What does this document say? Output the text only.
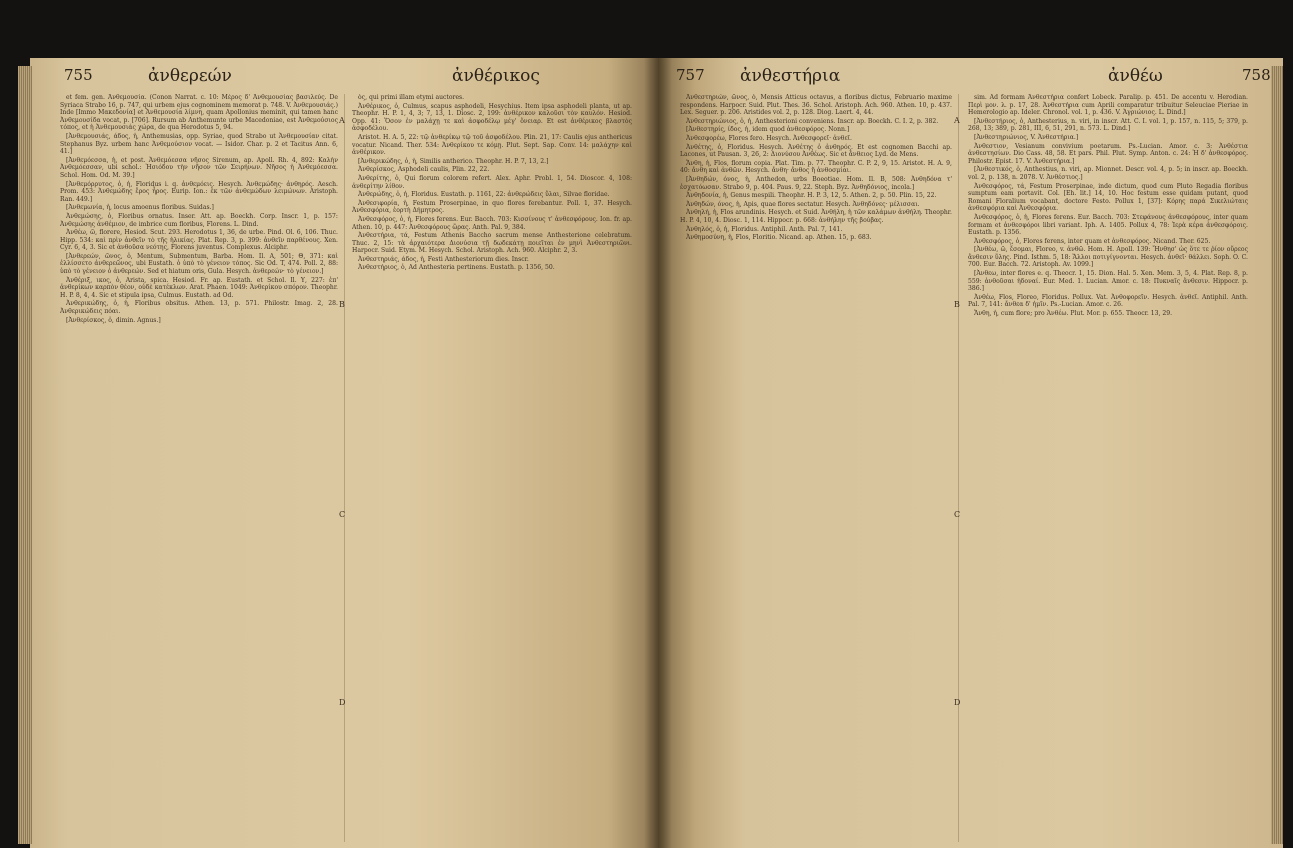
755	ἀνθερεών	ἀνθέρικος

et fem. gen. Ἀνθεμουσία. (Conon Narrat. c. 10: Μέρος δ' Ἀνθεμουσίας βασιλεύς. De Syriaca Strabo 16, p. 747, qui urbem ejus cognominem memorat p. 748. V. Ἀνθεμουσιάς.) Inde [Immo Μακεδονία] et Ἀνθεμουσία λίμνη, quam Apollonius meminit, qui tamen hanc Ἀνθεμουσίδα vocat, p. [706]. Rursum ab Anthemunte urbe Macedoniae, est Ἀνθεμούσιος τόπος, et ἡ Ἀνθεμουσιάς χώρα, de qua Herodotus 5, 94.

[Ἀνθεμουσιάς, άδος, ἡ, Anthemusias, opp. Syriae, quod Strabo ut Ἀνθεμουσίαν citat. Stephanus Byz. urbem hanc Ἀνθεμούσιον vocat. — Isidor. Char. p. 2 et Tacitus Ann. 6, 41.]

[Ἀνθεμόεσσα, ἡ, et post. Ἀνθεμόεσσα νῆσος Sirenum, ap. Apoll. Rh. 4, 892: Καλὴν Ἀνθεμόεσσαν, ubi schol.: Ἡσιόδου τὴν νῆσον τῶν Σειρήνων. Νῆσος ἡ Ἀνθεμόεσσα. Schol. Hom. Od. M. 39.]

[Ἀνθεμόρρυτος, ὁ, ἡ, Floridus i. q. ἀνθεμόεις. Hesych. Ἀνθεμώδης· ἀνθηρός. Aesch. Prom. 453: Ἀνθεμώδης ἔρος ἦρος. Eurip. Ion.: ἐκ τῶν ἀνθεμώδων λειμώνων. Aristoph. Ran. 449.]

[Ἀνθεμωνία, ἡ, locus amoenus floribus. Suidas.]

Ἀνθεμώσης, ὁ, Floribus ornatus. Inser. Att. ap. Boeckh. Corp. Inscr. 1, p. 157: Ἀνθεμώσης ἀνθέμιον, de imbrice cum floribus, Florens. L. Dind.

Ἀνθέω, ῶ, florere, Hesiod. Scut. 293. Herodotus 1, 36, de urbe. Pind. Ol. 6, 106. Thuc. Hipp. 534: καὶ πρὶν ἀνθεῖν τὸ τῆς ἡλικίας. Plat. Rep. 3, p. 399: ἀνθεῖν παρθένους. Xen. Cyr. 6, 4, 3. Sic et ἀνθοῦσα νεότης, Florens juventus. Complexus. Alciphr.

[Ἀνθερεών, ῶνος, ὁ, Mentum, Submentum, Barba. Hom. Il. A, 501; Θ, 371: καὶ ἐλλίσσετο ἀνθερεῶνος, ubi Eustath. ὁ ὑπὸ τὸ γένειον τόπος. Sic Od. T, 474. Poll. 2, 88: ὑπὸ τὸ γένειον ὁ ἀνθερεών. Sed et hiatum oris, Gula. Hesych. ἀνθερεών· τὸ γένειον.]

Ἀνθέριξ, ικος, ὁ, Arista, spica. Hesiod. Fr. ap. Eustath. et Schol. Il. Υ, 227: ἐπ' ἀνθερίκων καρπὸν θέον, οὐδὲ κατέκλων. Arat. Phaen. 1049: Ἀνθερίκου σπόρον. Theophr. H. P. 8, 4, 4. Sic et stipula ipsa, Culmus. Eustath. ad Od.

Ἀνθερικώδης, ὁ, ἡ, Floribus obsitus. Athen. 13, p. 571. Philostr. Imag. 2, 28. Ἀνθερικώδεις πόαι.

[Ἀνθερίσκος, ὁ, dimin. Agnus.]

A
B
C
D

ὁς, qui primi illam etymi auctores.

Ἀνθέρικος, ὁ, Culmus, scapus asphodeli, Hesychius. Item ipsa asphodeli planta, ut ap. Theophr. H. P. 1, 4, 3; 7, 13, 1. Diosc. 2, 199: ἀνθέρικον καλοῦσι τὸν καυλόν. Hesiod. Opp. 41: Ὅσον ἐν μαλάχῃ τε καὶ ἀσφοδέλῳ μέγ' ὄνειαρ. Et est ἀνθέρικος βλαστὸς ἀσφοδέλου.

Aristot. H. A. 5, 22: τῷ ἀνθερίκῳ τῷ τοῦ ἀσφοδέλου. Plin. 21, 17: Caulis ejus anthericus vocatur. Nicand. Ther. 534: Ἀνθερίκου τε κόμῃ. Plut. Sept. Sap. Conv. 14: μαλάχην καὶ ἀνθέρικον.

[Ἀνθερικώδης, ὁ, ἡ, Similis antherico. Theophr. H. P. 7, 13, 2.]

Ἀνθερίσκος, Asphodeli caulis, Plin. 22, 22.

Ἀνθερίτης, ὁ, Qui florum colorem refert. Alex. Aphr. Probl. 1, 54. Dioscor. 4, 108: ἀνθερίτην λίθον.

Ἀνθερώδης, ὁ, ἡ, Floridus. Eustath. p. 1161, 22: ἀνθερώδεις ὕλαι, Silvae floridae.

Ἀνθεσιφορία, ἡ, Festum Proserpinae, in quo flores ferebantur. Poll. 1, 37. Hesych. Ἀνθεσφόρια, ἑορτὴ Δήμητρος.

Ἀνθεσφόρος, ὁ, ἡ, Flores ferens. Eur. Bacch. 703: Κισσίνους τ' ἀνθεσφόρους. Ion. fr. ap. Athen. 10, p. 447: Ἀνθεσφόρους ὥρας. Anth. Pal. 9, 384.

Ἀνθεστήρια, τά, Festum Athenis Baccho sacrum mense Anthesterione celebratum. Thuc. 2, 15: τὰ ἀρχαιότερα Διονύσια τῇ δωδεκάτῃ ποιεῖται ἐν μηνὶ Ἀνθεστηριῶνι. Harpocr. Suid. Etym. M. Hesych. Schol. Aristoph. Ach. 960. Alciphr. 2, 3.

Ἀνθεστηριάς, άδος, ἡ, Festi Anthesteriorum dies. Inscr.

Ἀνθεστήριος, ὁ, Ad Anthesteria pertinens. Eustath. p. 1356, 50.

757 ἀνθεστήρια	ἀνθέω	758

Ἀνθεστηριών, ῶνος, ὁ, Mensis Atticus octavus, a floribus dictus, Februario maxime respondens. Harpocr. Suid. Plut. Thes. 36. Schol. Aristoph. Ach. 960. Athen. 10, p. 437. Lex. Seguer. p. 206. Aristides vol. 2, p. 128. Diog. Laert. 4, 44.

Ἀνθεστηριώνιος, ὁ, ἡ, Anthesterioni conveniens. Inscr. ap. Boeckh. C. I. 2, p. 382.

[Ἀνθεστηρίς, ίδος, ἡ, idem quod ἀνθεσφόρος. Nonn.]

Ἀνθεσφορέω, Flores fero. Hesych. Ἀνθεσφορεῖ· ἀνθεῖ.

Ἀνθέτης, ὁ, Floridus. Hesych. Ἀνθέτης ὁ ἀνθηρός. Et est cognomen Bacchi ap. Lacones, ut Pausan. 3, 26, 2: Διονύσου Ἀνθέως. Sic et ἄνθειος Lyd. de Mens.

Ἄνθη, ἡ, Flos, florum copia. Plat. Tim. p. 77. Theophr. C. P. 2, 9, 15. Aristot. H. A. 9, 40: ἄνθη καὶ ἀνθῶν. Hesych. ἄνθη· ἄνθος ἢ ἀνθοσμίαι.

[Ἀνθηδών, όνος, ἡ, Anthedon, urbs Boeotiae. Hom. Il. B, 508: Ἀνθηδόνα τ' ἐσχατόωσαν. Strabo 9, p. 404. Paus. 9, 22. Steph. Byz. Ἀνθηδόνιος, incola.]

Ἀνθηδονία, ἡ, Genus mespili. Theophr. H. P. 3, 12, 5. Athen. 2, p. 50. Plin. 15, 22.

Ἀνθηδών, όνος, ἡ, Apis, quae flores sectatur. Hesych. Ἀνθηδόνες· μέλισσαι.

Ἀνθηλή, ἡ, Flos arundinis. Hesych. et Suid. Ἀνθήλη, ἡ τῶν καλάμων ἀνθήλη. Theophr. H. P. 4, 10, 4. Diosc. 1, 114. Hippocr. p. 668: ἀνθήλην τῆς βούβας.

Ἀνθηλός, ὁ, ἡ, Floridus. Antiphil. Anth. Pal. 7, 141.

Ἀνθημοσύνη, ἡ, Flos, Floritio. Nicand. ap. Athen. 15, p. 683.

A
B
C
D

sim. Ad formam Ἀνθεστήρια confert Lobeck. Paralip. p. 451. De accentu v. Herodian. Περὶ μον. λ. p. 17, 28. Ἀνθεστήρια cum Aprili comparatur tribuitur Seleuciae Pieriae in Hemerologio ap. Ideler. Chronol. vol. 1, p. 436. V. Ἀγριώνιος. L. Dind.]

[Ἀνθεστήριος, ὁ, Anthesterius, n. viri, in inscr. Att. C. I. vol. 1, p. 157, n. 115, 5; 379, p. 268, 13; 389, p. 281, III, 6, 51, 291, n. 573. L. Dind.]

[Ἀνθεστηριώνιος, V. Ἀνθεστήρια.]

Ἀνθεστιον, Vesianum convivium poetarum. Ps.-Lucian. Amor. c. 3: Ἀνθέστια ἀνθεστησίων. Dio Cass. 48, 58. Et pars. Phil. Plut. Symp. Anton. c. 24: Ἡ δ' ἀνθεσφόρος. Philostr. Epist. 17. V. Ἀνθεστήρια.]

[Ἀνθεστικός, ὁ, Anthestius, n. viri, ap. Mionnet. Descr. vol. 4, p. 5; in inscr. ap. Boeckh. vol. 2, p. 138, n. 2078. V. Ἀνθέστιος.]

Ἀνθεσφόρος, τά, Festum Proserpinae, inde dictum, quod cum Pluto Regadia floribus sumptum eam portavit. Col. [Eh. lit.] 14, 10. Hoc festum esse quidam putant, quod Romani Floralium vocabant, doctore Festo. Pollux 1, [37]: Κόρης παρά Σικελιώταις ἀνθεσφόρια καὶ Ἀνθεσφόρια.

Ἀνθεσφόρος, ὁ, ἡ, Flores ferens. Eur. Bacch. 703: Στεφάνους ἀνθεσφόρους, inter quam formam et ἀνθεσφόροι libri variant. Iph. A. 1405. Pollux 4, 78: Ἱερὰ κέρα ἀνθεσφόροις. Eustath. p. 1356.

Ἀνθεσφόρος, ὁ, Flores ferens, inter quam et ἀνθεσφόρος. Nicand. Ther. 625.

[Ἀνθέω, ῶ, ἔσομαι, Floreo, v. ἀνθῶ. Hom. H. Apoll. 139: Ἤνθησ' ὡς ὅτε τε ῥίον οὔρεος ἄνθεσιν ὕλης. Pind. Isthm. 5, 18: Ἄλλοι ποτιγίγνονται. Hesych. ἀνθεῖ· θάλλει. Soph. O. C. 700. Eur. Bacch. 72. Aristoph. Av. 1099.]

[Ἀνθεω, inter flores e. q. Theocr. 1, 15. Dion. Hal. 5. Xen. Mem. 3, 5, 4. Plat. Rep. 8, p. 559: ἀνθοῦσαι ἡδοναί. Eur. Med. 1. Lucian. Amor. c. 18: Πυκναῖς ἄνθεσιν. Hippocr. p. 386.]

Ἀνθέω, Flos, Floreo, Floridus. Pollux. Vat. Ἀνθοφορεῖν. Hesych. ἀνθεῖ. Antiphil. Anth. Pal. 7, 141: ἄνθεα δ' ἡμῖν. Ps.-Lucian. Amor. c. 26.

Ἄνθη, ἡ, cum flore; pro Ἀνθέω. Plut. Mor. p. 655. Theocr. 13, 29.
